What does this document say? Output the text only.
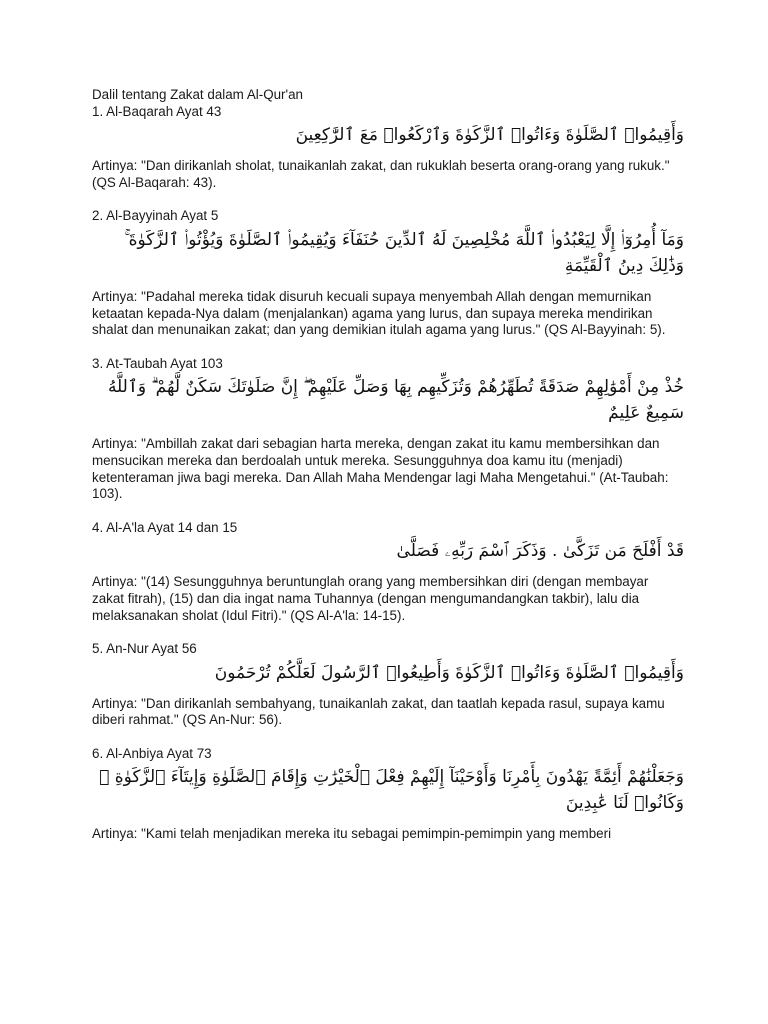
Dalil tentang Zakat dalam Al-Qur'an
1. Al-Baqarah Ayat 43
وَأَقِيمُوا۟ ٱلصَّلَوٰةَ وَءَاتُوا۟ ٱلزَّكَوٰةَ وَٱرْكَعُوا۟ مَعَ ٱلرَّٰكِعِينَ
Artinya: "Dan dirikanlah sholat, tunaikanlah zakat, dan rukuklah beserta orang-orang yang rukuk." (QS Al-Baqarah: 43).
2. Al-Bayyinah Ayat 5
وَمَآ أُمِرُوٓا۟ إِلَّا لِيَعْبُدُوا۟ ٱللَّهَ مُخْلِصِينَ لَهُ ٱلدِّينَ حُنَفَآءَ وَيُقِيمُوا۟ ٱلصَّلَوٰةَ وَيُؤْتُوا۟ ٱلزَّكَوٰةَ ۚ وَذَٰلِكَ دِينُ ٱلْقَيِّمَةِ
Artinya: "Padahal mereka tidak disuruh kecuali supaya menyembah Allah dengan memurnikan ketaatan kepada-Nya dalam (menjalankan) agama yang lurus, dan supaya mereka mendirikan shalat dan menunaikan zakat; dan yang demikian itulah agama yang lurus." (QS Al-Bayyinah: 5).
3. At-Taubah Ayat 103
خُذْ مِنْ أَمْوَٰلِهِمْ صَدَقَةً تُطَهِّرُهُمْ وَتُزَكِّيهِم بِهَا وَصَلِّ عَلَيْهِمْ ۖ إِنَّ صَلَوٰتَكَ سَكَنٌ لَّهُمْ ۗ وَٱللَّهُ سَمِيعٌ عَلِيمٌ
Artinya: "Ambillah zakat dari sebagian harta mereka, dengan zakat itu kamu membersihkan dan mensucikan mereka dan berdoalah untuk mereka. Sesungguhnya doa kamu itu (menjadi) ketenteraman jiwa bagi mereka. Dan Allah Maha Mendengar lagi Maha Mengetahui." (At-Taubah: 103).
4. Al-A'la Ayat 14 dan 15
قَدْ أَفْلَحَ مَن تَزَكَّىٰ . وَذَكَرَ ٱسْمَ رَبِّهِۦ فَصَلَّىٰ
Artinya: "(14) Sesungguhnya beruntunglah orang yang membersihkan diri (dengan membayar zakat fitrah), (15) dan dia ingat nama Tuhannya (dengan mengumandangkan takbir), lalu dia melaksanakan sholat (Idul Fitri)." (QS Al-A'la: 14-15).
5. An-Nur Ayat 56
وَأَقِيمُوا۟ ٱلصَّلَوٰةَ وَءَاتُوا۟ ٱلزَّكَوٰةَ وَأَطِيعُوا۟ ٱلرَّسُولَ لَعَلَّكُمْ تُرْحَمُونَ
Artinya: "Dan dirikanlah sembahyang, tunaikanlah zakat, dan taatlah kepada rasul, supaya kamu diberi rahmat." (QS An-Nur: 56).
6. Al-Anbiya Ayat 73
وَجَعَلْنَٰهُمْ أَئِمَّةً يَهْدُونَ بِأَمْرِنَا وَأَوْحَيْنَآ إِلَيْهِمْ فِعْلَ ٱلْخَيْرَٰتِ وَإِقَامَ ٱلصَّلَوٰةِ وَإِيتَآءَ ٱلزَّكَوٰةِ ۖ وَكَانُوا۟ لَنَا عَٰبِدِينَ
Artinya: "Kami telah menjadikan mereka itu sebagai pemimpin-pemimpin yang memberi
